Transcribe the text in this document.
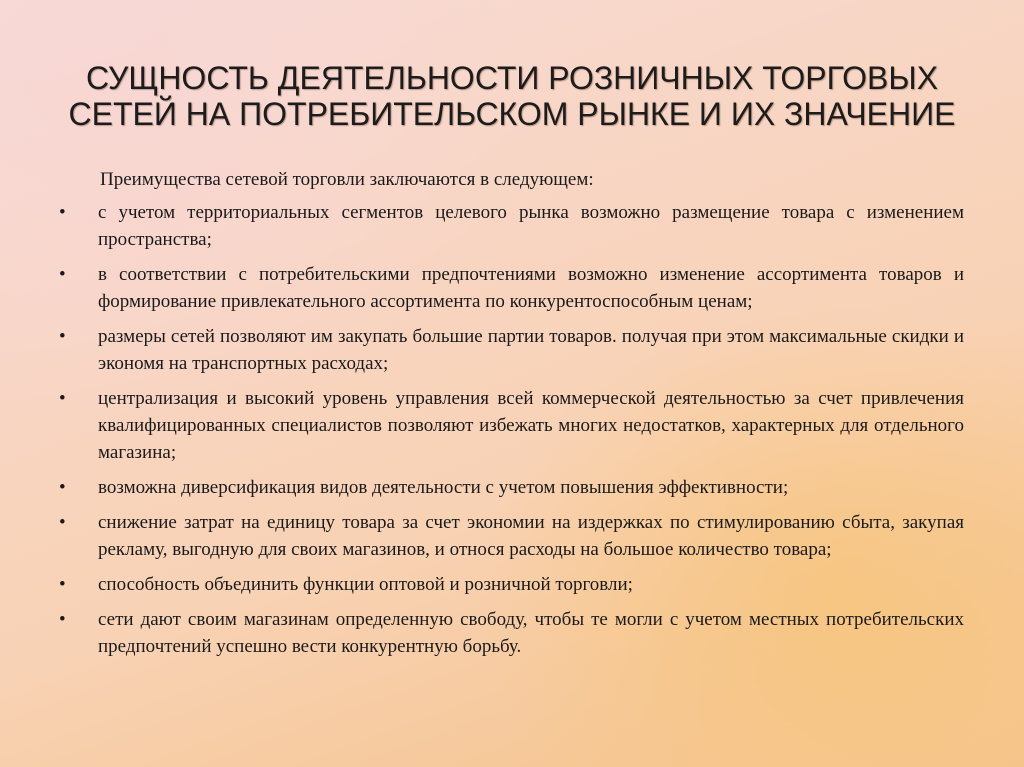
СУЩНОСТЬ ДЕЯТЕЛЬНОСТИ РОЗНИЧНЫХ ТОРГОВЫХ
СЕТЕЙ НА ПОТРЕБИТЕЛЬСКОМ РЫНКЕ И ИХ ЗНАЧЕНИЕ

Преимущества сетевой торговли заключаются в следующем:

• с учетом территориальных сегментов целевого рынка возможно размещение товара с изменением пространства;
• в соответствии с потребительскими предпочтениями возможно изменение ассортимента товаров и формирование привлекательного ассортимента по конкурентоспособным ценам;
• размеры сетей позволяют им закупать большие партии товаров. получая при этом максимальные скидки и экономя на транспортных расходах;
• централизация и высокий уровень управления всей коммерческой деятельностью за счет привлечения квалифицированных специалистов позволяют избежать многих недостатков, характерных для отдельного магазина;
• возможна диверсификация видов деятельности с учетом повышения эффективности;
• снижение затрат на единицу товара за счет экономии на издержках по стимулированию сбыта, закупая рекламу, выгодную для своих магазинов, и относя расходы на большое количество товара;
• способность объединить функции оптовой и розничной торговли;
• сети дают своим магазинам определенную свободу, чтобы те могли с учетом местных потребительских предпочтений успешно вести конкурентную борьбу.
